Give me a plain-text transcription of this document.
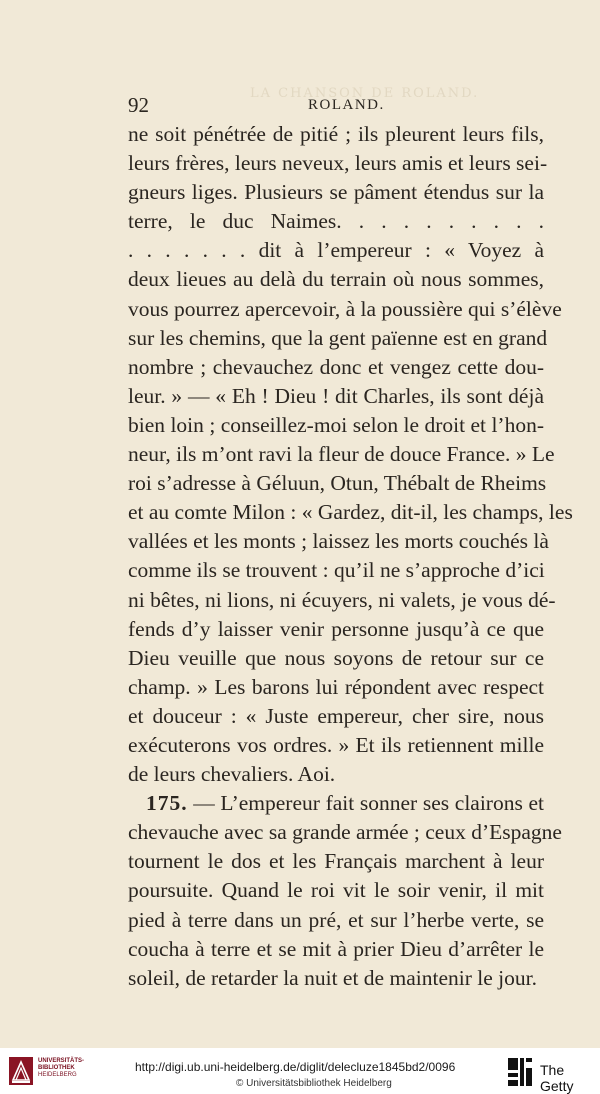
LA CHANSON DE ROLAND.
92	ROLAND.
ne soit pénétrée de pitié ; ils pleurent leurs fils,
leurs frères, leurs neveux, leurs amis et leurs sei-
gneurs liges. Plusieurs se pâment étendus sur la
terre, le duc Naimes. . . . . . . . . .
. . . . . . . dit à l’empereur : « Voyez à
deux lieues au delà du terrain où nous sommes,
vous pourrez apercevoir, à la poussière qui s’élève
sur les chemins, que la gent païenne est en grand
nombre ; chevauchez donc et vengez cette dou-
leur. » — « Eh ! Dieu ! dit Charles, ils sont déjà
bien loin ; conseillez-moi selon le droit et l’hon-
neur, ils m’ont ravi la fleur de douce France. » Le
roi s’adresse à Géluun, Otun, Thébalt de Rheims
et au comte Milon : « Gardez, dit-il, les champs, les
vallées et les monts ; laissez les morts couchés là
comme ils se trouvent : qu’il ne s’approche d’ici
ni bêtes, ni lions, ni écuyers, ni valets, je vous dé-
fends d’y laisser venir personne jusqu’à ce que
Dieu veuille que nous soyons de retour sur ce
champ. » Les barons lui répondent avec respect
et douceur : « Juste empereur, cher sire, nous
exécuterons vos ordres. » Et ils retiennent mille
de leurs chevaliers. Aoi.
175. — L’empereur fait sonner ses clairons et
chevauche avec sa grande armée ; ceux d’Espagne
tournent le dos et les Français marchent à leur
poursuite. Quand le roi vit le soir venir, il mit
pied à terre dans un pré, et sur l’herbe verte, se
coucha à terre et se mit à prier Dieu d’arrêter le
soleil, de retarder la nuit et de maintenir le jour.
UNIVERSITÄTS-
BIBLIOTHEK
HEIDELBERG
http://digi.ub.uni-heidelberg.de/diglit/delecluze1845bd2/0096
© Universitätsbibliothek Heidelberg
The Getty
